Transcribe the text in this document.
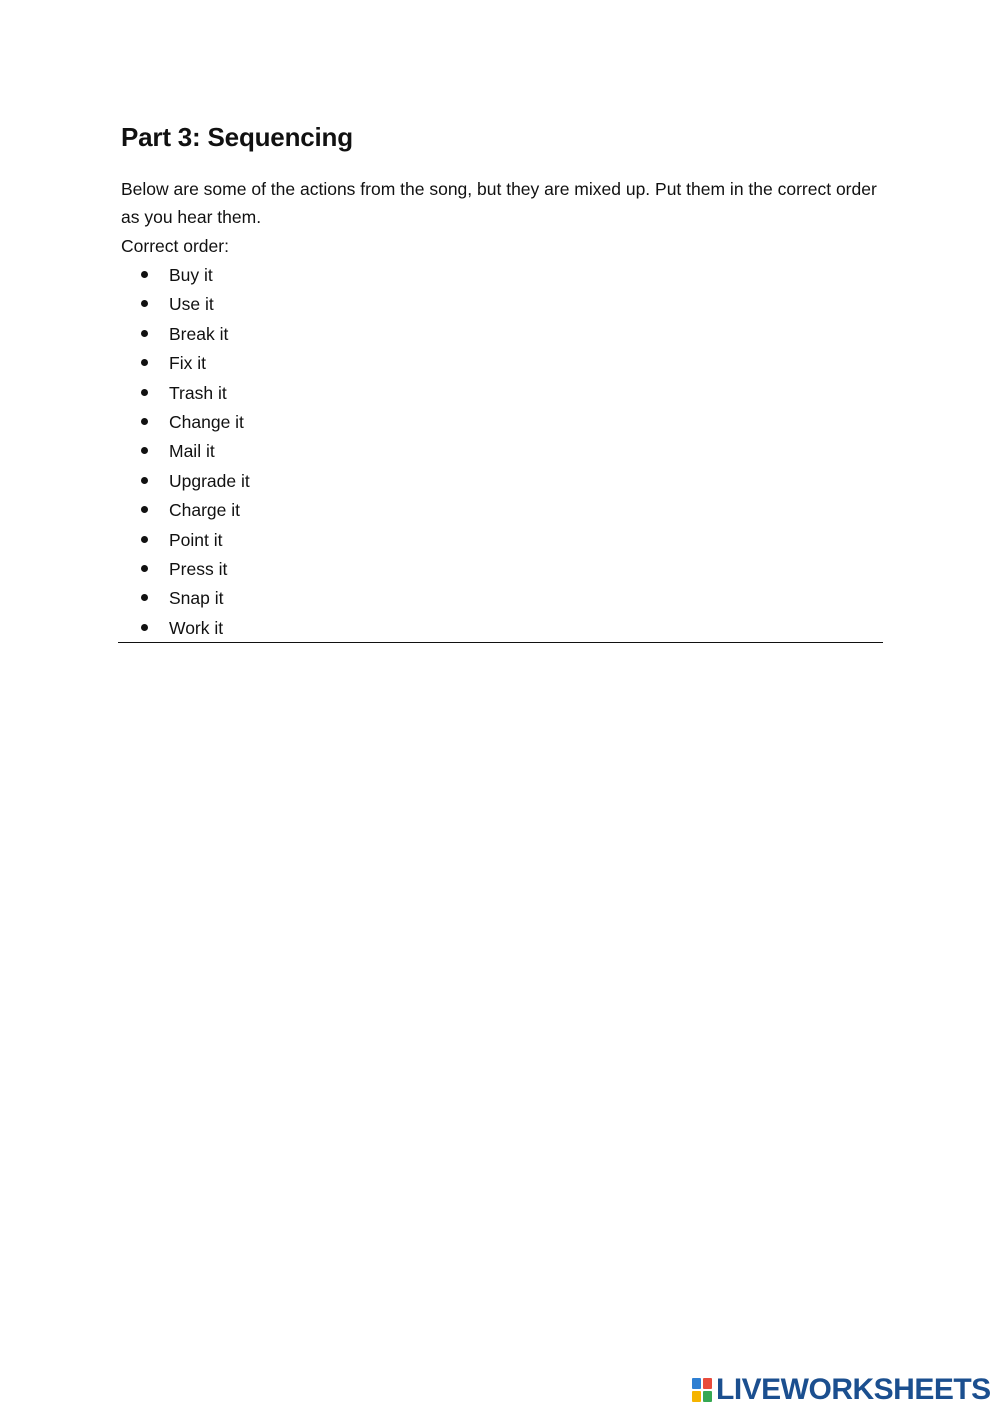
Part 3: Sequencing

Below are some of the actions from the song, but they are mixed up. Put them in the correct order as you hear them.

Correct order:

Buy it
Use it
Break it
Fix it
Trash it
Change it
Mail it
Upgrade it
Charge it
Point it
Press it
Snap it
Work it
LIVEWORKSHEETS
